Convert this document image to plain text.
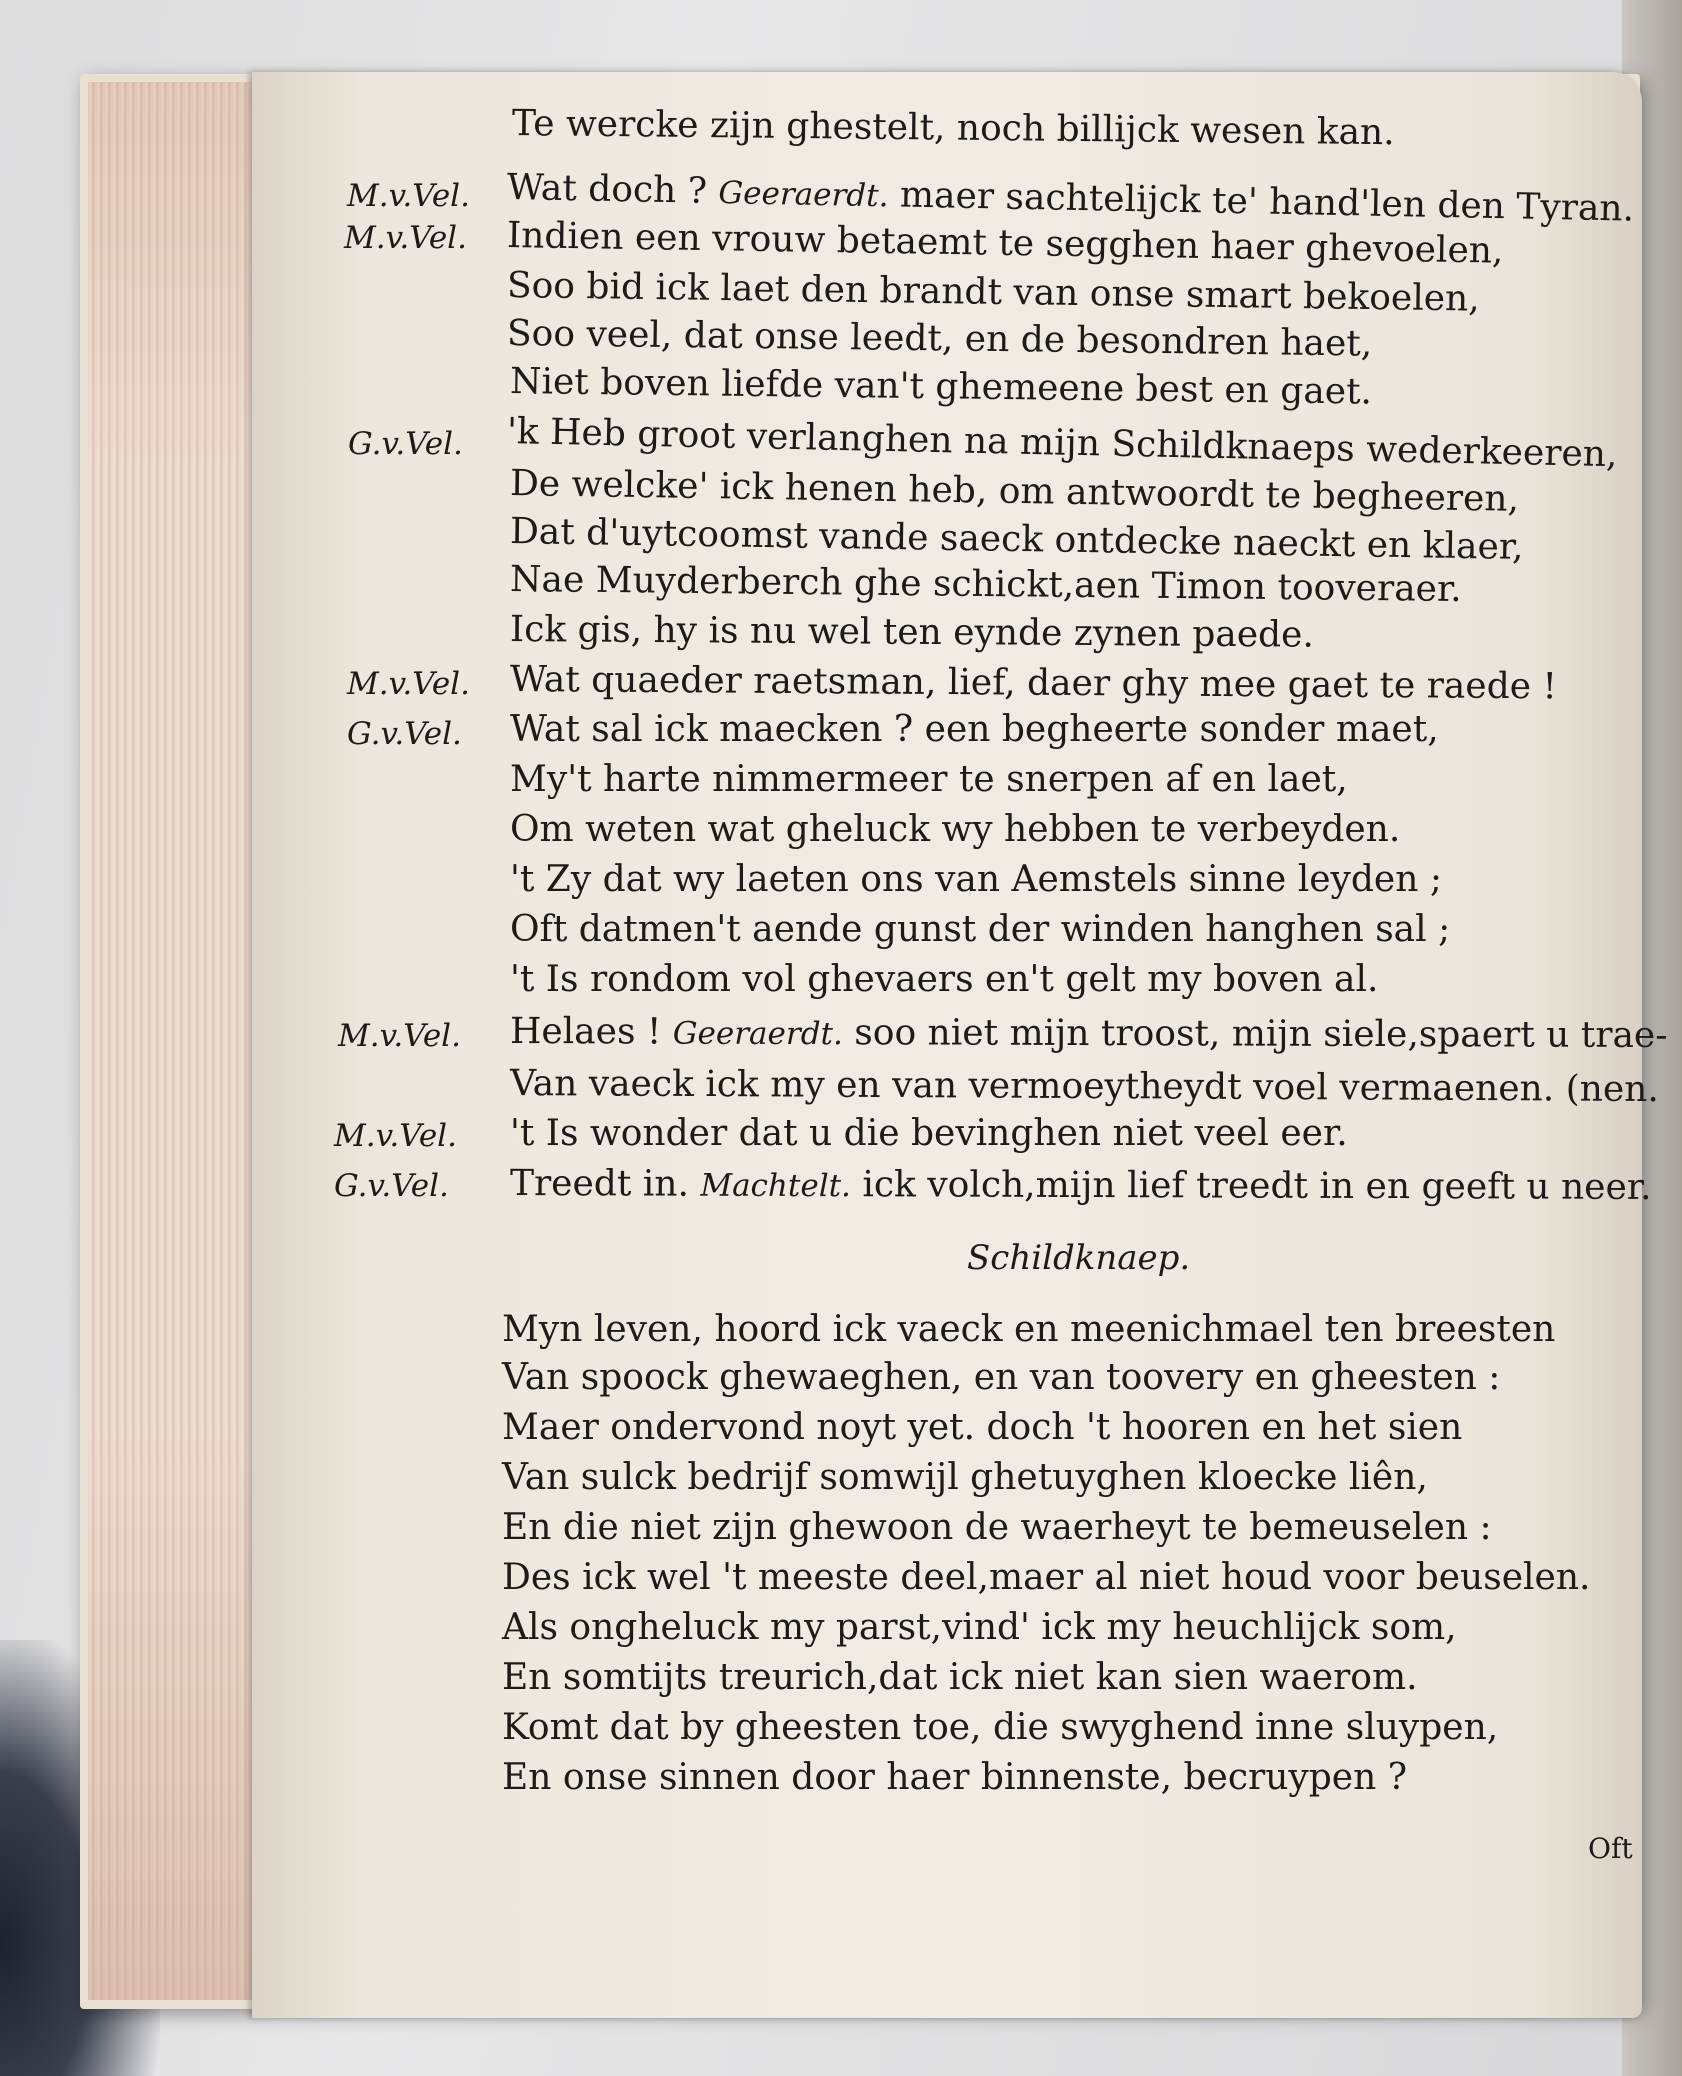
Te wercke zijn ghestelt, noch billijck wesen kan.
M.v.Vel. Wat doch ? Geeraerdt. maer sachtelijck te' hand'len den Tyran.
M.v.Vel. Indien een vrouw betaemt te segghen haer ghevoelen,
Soo bid ick laet den brandt van onse smart bekoelen,
Soo veel, dat onse leedt, en de besondren haet,
Niet boven liefde van't ghemeene best en gaet.
G.v.Vel. 'k Heb groot verlanghen na mijn Schildknaeps wederkeeren,
De welcke' ick henen heb, om antwoordt te begheeren,
Dat d'uytcoomst vande saeck ontdecke naeckt en klaer,
Nae Muyderberch ghe schickt,aen Timon tooveraer.
Ick gis, hy is nu wel ten eynde zynen paede.
M.v.Vel. Wat quaeder raetsman, lief, daer ghy mee gaet te raede !
G.v.Vel. Wat sal ick maecken ? een begheerte sonder maet,
My't harte nimmermeer te snerpen af en laet,
Om weten wat gheluck wy hebben te verbeyden.
't Zy dat wy laeten ons van Aemstels sinne leyden ;
Oft datmen't aende gunst der winden hanghen sal ;
't Is rondom vol ghevaers en't gelt my boven al.
M.v.Vel. Helaes ! Geeraerdt. soo niet mijn troost, mijn siele,spaert u trae-
Van vaeck ick my en van vermoeytheydt voel vermaenen. (nen.
M.v.Vel. 't Is wonder dat u die bevinghen niet veel eer.
G.v.Vel. Treedt in. Machtelt. ick volch,mijn lief treedt in en geeft u neer.
Schildknaep.
Myn leven, hoord ick vaeck en meenichmael ten breesten
Van spoock ghewaeghen, en van toovery en gheesten :
Maer ondervond noyt yet. doch 't hooren en het sien
Van sulck bedrijf somwijl ghetuyghen kloecke liên,
En die niet zijn ghewoon de waerheyt te bemeuselen :
Des ick wel 't meeste deel,maer al niet houd voor beuselen.
Als ongheluck my parst,vind' ick my heuchlijck som,
En somtijts treurich,dat ick niet kan sien waerom.
Komt dat by gheesten toe, die swyghend inne sluypen,
En onse sinnen door haer binnenste, becruypen ?
Oft
